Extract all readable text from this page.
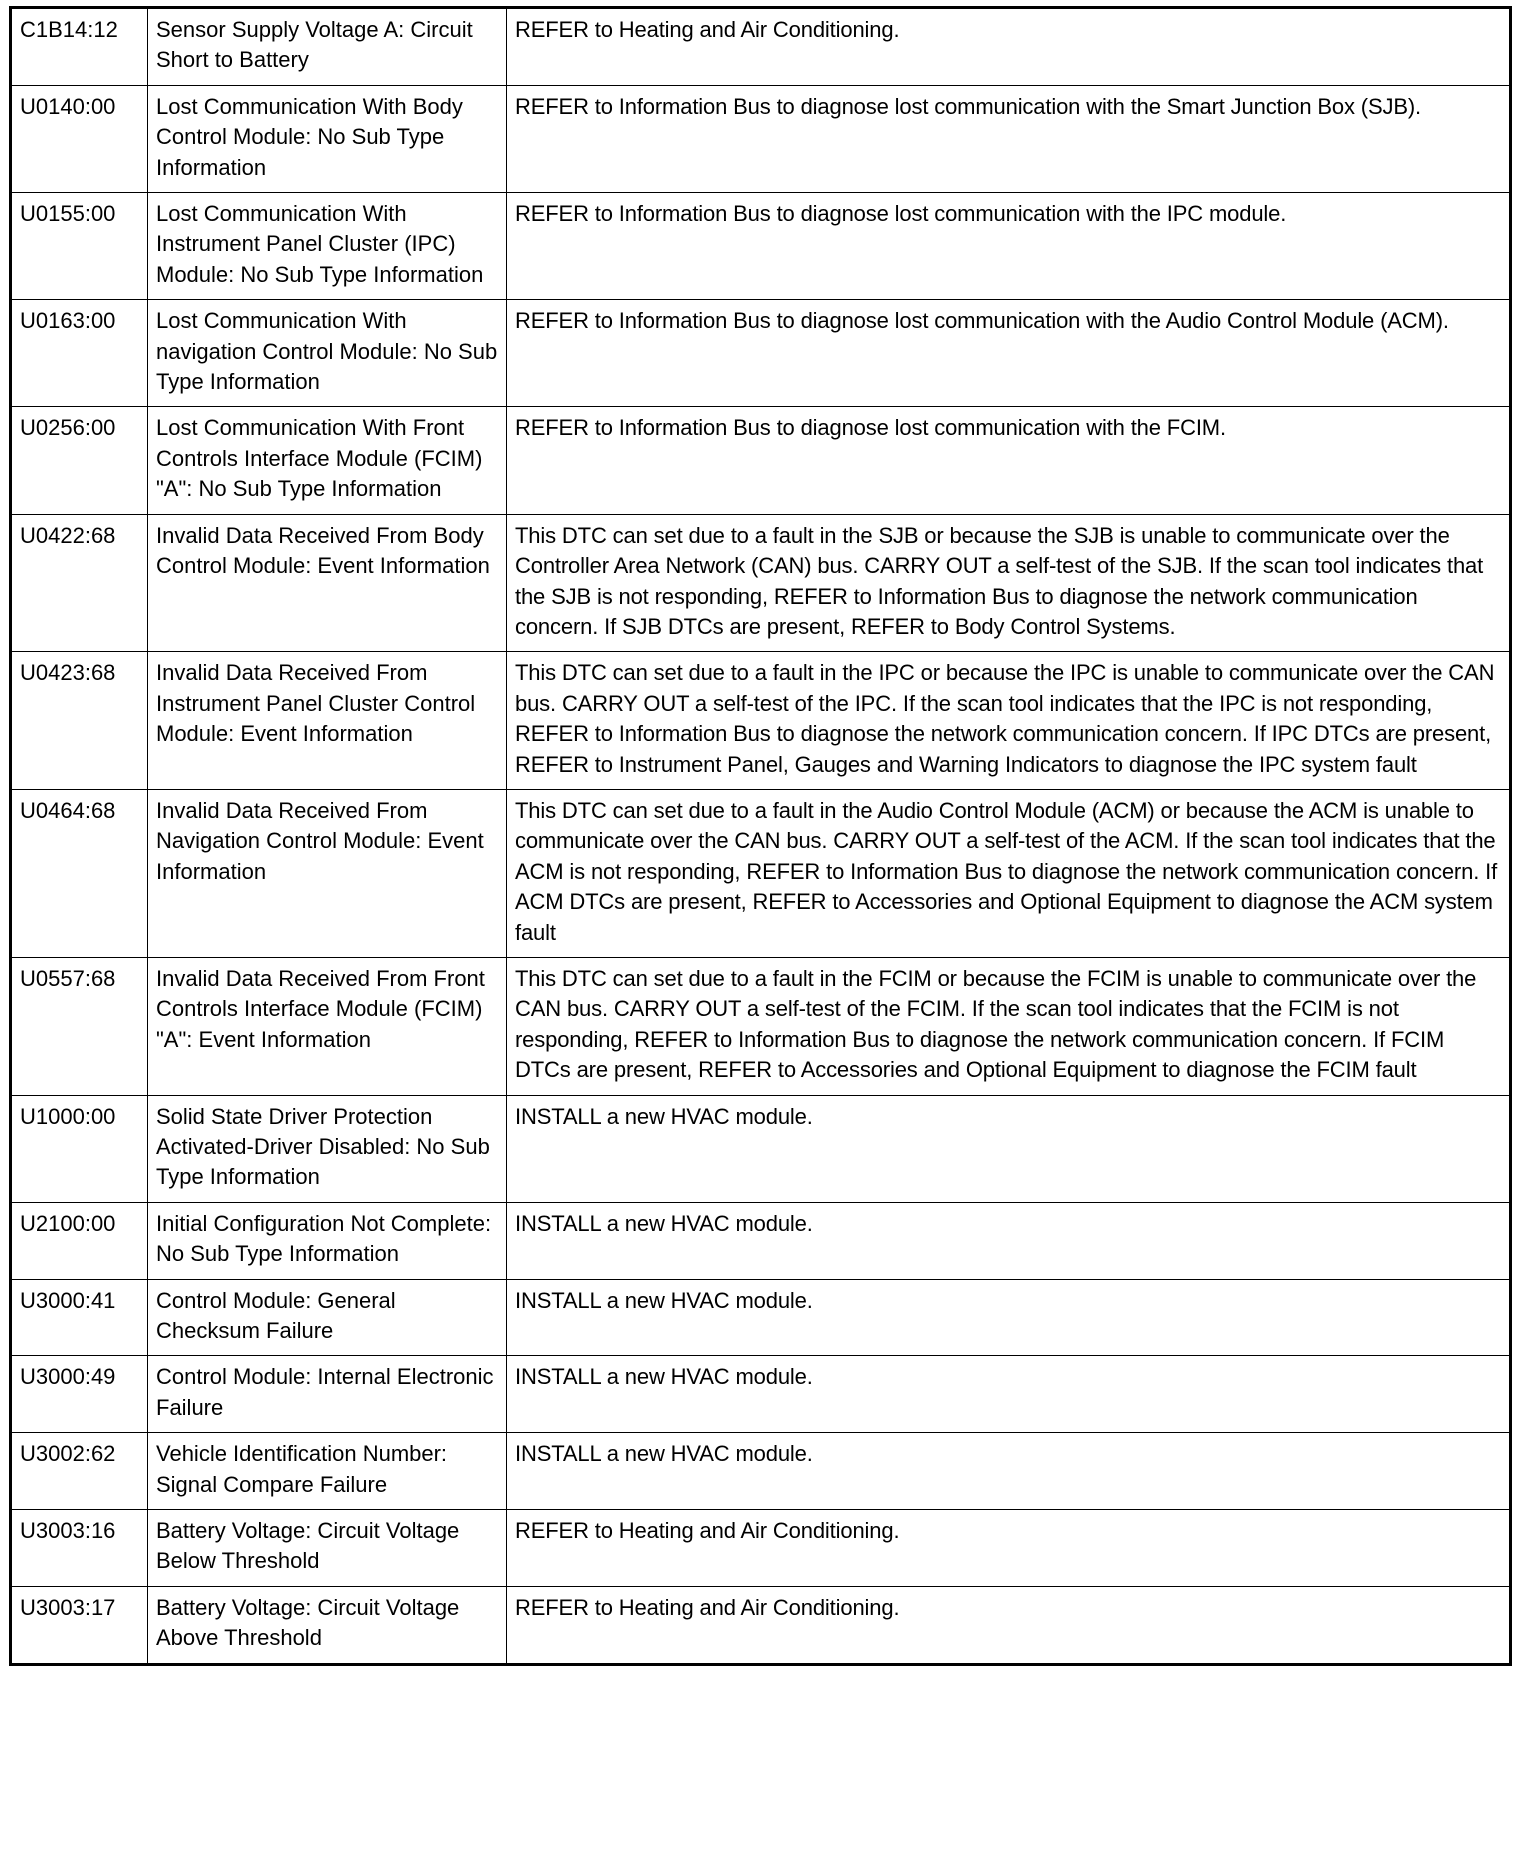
C1B14:12	Sensor Supply Voltage A: Circuit Short to Battery	REFER to Heating and Air Conditioning.
U0140:00	Lost Communication With Body Control Module: No Sub Type Information	REFER to Information Bus to diagnose lost communication with the Smart Junction Box (SJB).
U0155:00	Lost Communication With Instrument Panel Cluster (IPC) Module: No Sub Type Information	REFER to Information Bus to diagnose lost communication with the IPC module.
U0163:00	Lost Communication With navigation Control Module: No Sub Type Information	REFER to Information Bus to diagnose lost communication with the Audio Control Module (ACM).
U0256:00	Lost Communication With Front Controls Interface Module (FCIM) "A": No Sub Type Information	REFER to Information Bus to diagnose lost communication with the FCIM.
U0422:68	Invalid Data Received From Body Control Module: Event Information	This DTC can set due to a fault in the SJB or because the SJB is unable to communicate over the Controller Area Network (CAN) bus. CARRY OUT a self-test of the SJB. If the scan tool indicates that the SJB is not responding, REFER to Information Bus to diagnose the network communication concern. If SJB DTCs are present, REFER to Body Control Systems.
U0423:68	Invalid Data Received From Instrument Panel Cluster Control Module: Event Information	This DTC can set due to a fault in the IPC or because the IPC is unable to communicate over the CAN bus. CARRY OUT a self-test of the IPC. If the scan tool indicates that the IPC is not responding, REFER to Information Bus to diagnose the network communication concern. If IPC DTCs are present, REFER to Instrument Panel, Gauges and Warning Indicators to diagnose the IPC system fault
U0464:68	Invalid Data Received From Navigation Control Module: Event Information	This DTC can set due to a fault in the Audio Control Module (ACM) or because the ACM is unable to communicate over the CAN bus. CARRY OUT a self-test of the ACM. If the scan tool indicates that the ACM is not responding, REFER to Information Bus to diagnose the network communication concern. If ACM DTCs are present, REFER to Accessories and Optional Equipment to diagnose the ACM system fault
U0557:68	Invalid Data Received From Front Controls Interface Module (FCIM) "A": Event Information	This DTC can set due to a fault in the FCIM or because the FCIM is unable to communicate over the CAN bus. CARRY OUT a self-test of the FCIM. If the scan tool indicates that the FCIM is not responding, REFER to Information Bus to diagnose the network communication concern. If FCIM DTCs are present, REFER to Accessories and Optional Equipment to diagnose the FCIM fault
U1000:00	Solid State Driver Protection Activated-Driver Disabled: No Sub Type Information	INSTALL a new HVAC module.
U2100:00	Initial Configuration Not Complete: No Sub Type Information	INSTALL a new HVAC module.
U3000:41	Control Module: General Checksum Failure	INSTALL a new HVAC module.
U3000:49	Control Module: Internal Electronic Failure	INSTALL a new HVAC module.
U3002:62	Vehicle Identification Number: Signal Compare Failure	INSTALL a new HVAC module.
U3003:16	Battery Voltage: Circuit Voltage Below Threshold	REFER to Heating and Air Conditioning.
U3003:17	Battery Voltage: Circuit Voltage Above Threshold	REFER to Heating and Air Conditioning.
